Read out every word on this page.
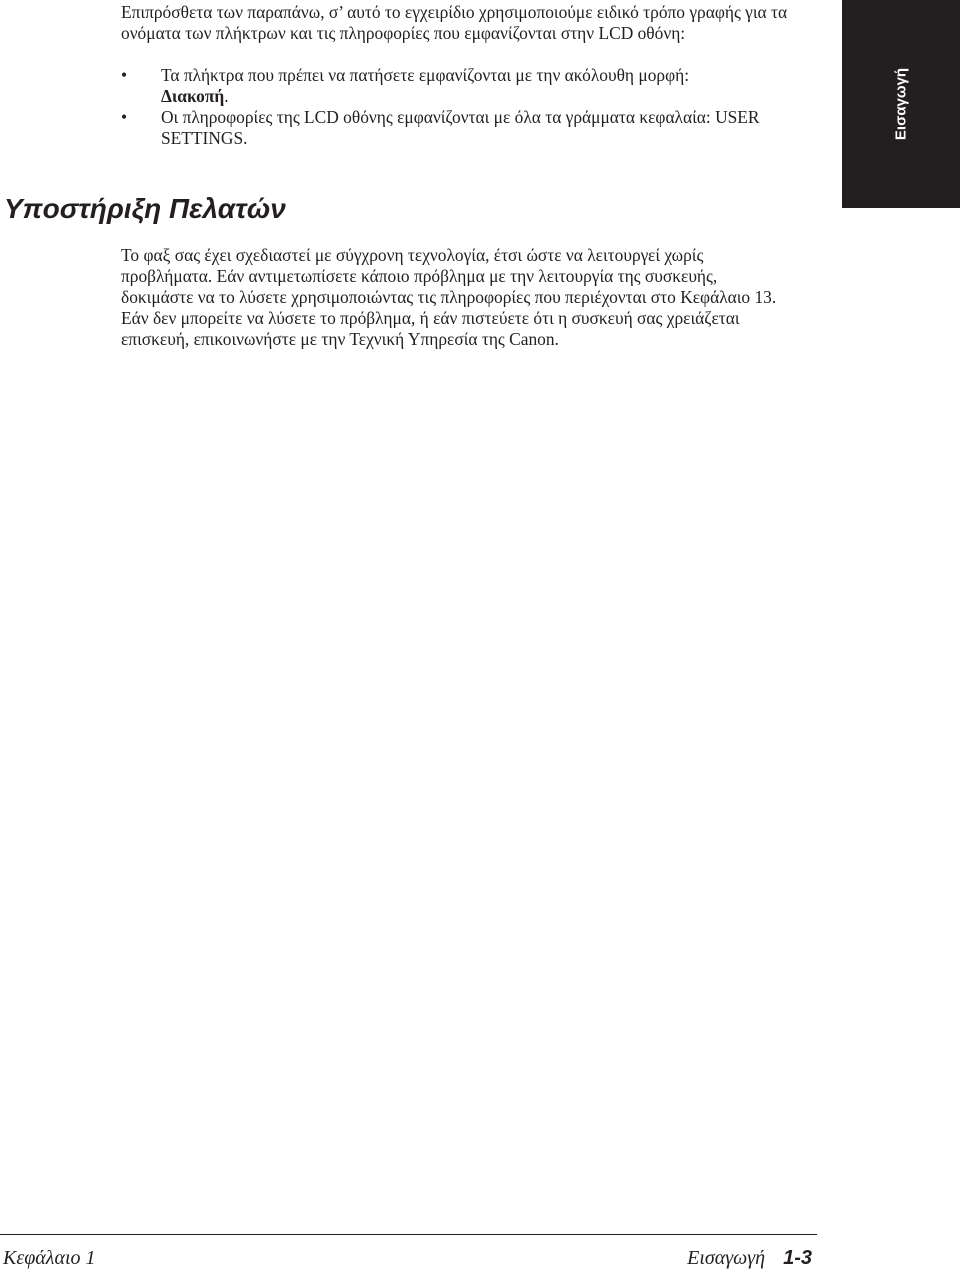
Επιπρόσθετα των παραπάνω, σ’ αυτό το εγχειρίδιο χρησιμοποιούμε ειδικό τρόπο γραφής για τα ονόματα των πλήκτρων και τις πληροφορίες που εμφανίζονται στην LCD οθόνη:

• Τα πλήκτρα που πρέπει να πατήσετε εμφανίζονται με την ακόλουθη μορφή:
Διακοπή.
• Οι πληροφορίες της LCD οθόνης εμφανίζονται με όλα τα γράμματα κεφαλαία: USER SETTINGS.	Εισαγωγή
Υποστήριξη Πελατών

Το φαξ σας έχει σχεδιαστεί με σύγχρονη τεχνολογία, έτσι ώστε να λειτουργεί χωρίς προβλήματα. Εάν αντιμετωπίσετε κάποιο πρόβλημα με την λειτουργία της συσκευής, δοκιμάστε να το λύσετε χρησιμοποιώντας τις πληροφορίες που περιέχονται στο Κεφάλαιο 13. Εάν δεν μπορείτε να λύσετε το πρόβλημα, ή εάν πιστεύετε ότι η συσκευή σας χρειάζεται επισκευή, επικοινωνήστε με την Τεχνική Υπηρεσία της Canon.

Κεφάλαιο 1	Εισαγωγή 1-3
